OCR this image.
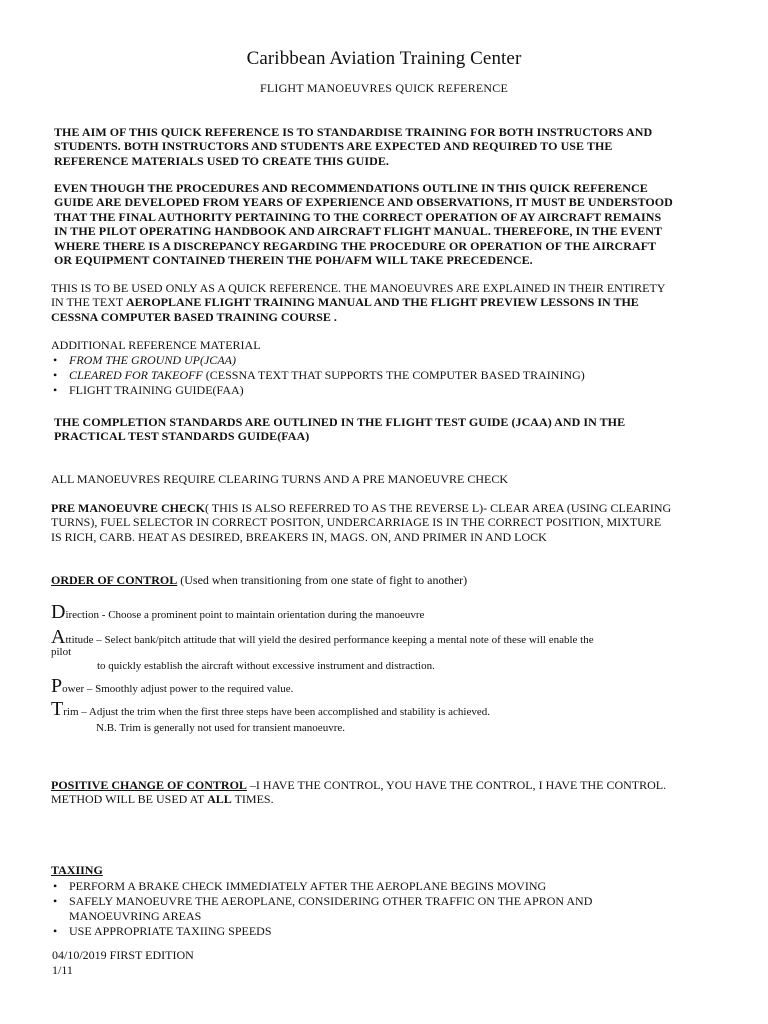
Caribbean Aviation Training Center
FLIGHT MANOEUVRES QUICK REFERENCE
THE AIM OF THIS QUICK REFERENCE IS TO STANDARDISE TRAINING FOR BOTH INSTRUCTORS AND
STUDENTS. BOTH INSTRUCTORS AND STUDENTS ARE EXPECTED AND REQUIRED TO USE THE
REFERENCE MATERIALS USED TO CREATE THIS GUIDE.
EVEN THOUGH THE PROCEDURES AND RECOMMENDATIONS OUTLINE IN THIS QUICK REFERENCE
GUIDE ARE DEVELOPED FROM YEARS OF EXPERIENCE AND OBSERVATIONS, IT MUST BE UNDERSTOOD
THAT THE FINAL AUTHORITY PERTAINING TO THE CORRECT OPERATION OF AY AIRCRAFT REMAINS
IN THE PILOT OPERATING HANDBOOK AND AIRCRAFT FLIGHT MANUAL. THEREFORE, IN THE EVENT
WHERE THERE IS A DISCREPANCY REGARDING THE PROCEDURE OR OPERATION OF THE AIRCRAFT
OR EQUIPMENT CONTAINED THEREIN THE POH/AFM WILL TAKE PRECEDENCE.
THIS IS TO BE USED ONLY AS A QUICK REFERENCE. THE MANOEUVRES ARE EXPLAINED IN THEIR ENTIRETY
IN THE TEXT AEROPLANE FLIGHT TRAINING MANUAL AND THE FLIGHT PREVIEW LESSONS IN THE
CESSNA COMPUTER BASED TRAINING COURSE .
ADDITIONAL REFERENCE MATERIAL
• FROM THE GROUND UP(JCAA)
• CLEARED FOR TAKEOFF (CESSNA TEXT THAT SUPPORTS THE COMPUTER BASED TRAINING)
• FLIGHT TRAINING GUIDE(FAA)
THE COMPLETION STANDARDS ARE OUTLINED IN THE FLIGHT TEST GUIDE (JCAA) AND IN THE
PRACTICAL TEST STANDARDS GUIDE(FAA)
ALL MANOEUVRES REQUIRE CLEARING TURNS AND A PRE MANOEUVRE CHECK
PRE MANOEUVRE CHECK( THIS IS ALSO REFERRED TO AS THE REVERSE L)- CLEAR AREA (USING CLEARING
TURNS), FUEL SELECTOR IN CORRECT POSITON, UNDERCARRIAGE IS IN THE CORRECT POSITION, MIXTURE
IS RICH, CARB. HEAT AS DESIRED, BREAKERS IN, MAGS. ON, AND PRIMER IN AND LOCK
ORDER OF CONTROL (Used when transitioning from one state of fight to another)
Direction - Choose a prominent point to maintain orientation during the manoeuvre
Attitude – Select bank/pitch attitude that will yield the desired performance keeping a mental note of these will enable the
pilot
to quickly establish the aircraft without excessive instrument and distraction.
Power – Smoothly adjust power to the required value.
Trim – Adjust the trim when the first three steps have been accomplished and stability is achieved.
N.B. Trim is generally not used for transient manoeuvre.
POSITIVE CHANGE OF CONTROL –I HAVE THE CONTROL, YOU HAVE THE CONTROL, I HAVE THE CONTROL.
METHOD WILL BE USED AT ALL TIMES.
TAXIING
• PERFORM A BRAKE CHECK IMMEDIATELY AFTER THE AEROPLANE BEGINS MOVING
• SAFELY MANOEUVRE THE AEROPLANE, CONSIDERING OTHER TRAFFIC ON THE APRON AND
MANOEUVRING AREAS
• USE APPROPRIATE TAXIING SPEEDS
04/10/2019 FIRST EDITION
1/11
